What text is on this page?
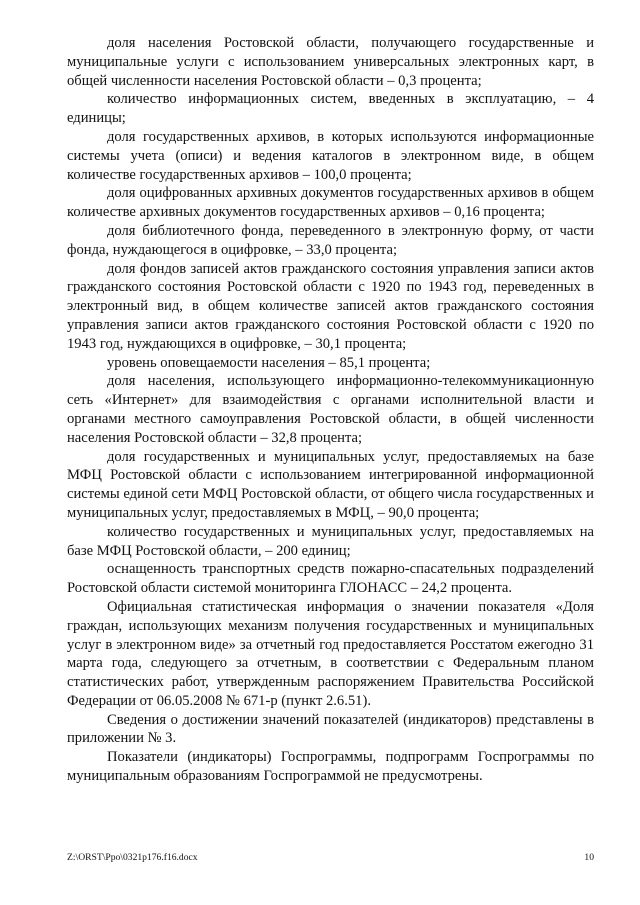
доля населения Ростовской области, получающего государственные и муниципальные услуги с использованием универсальных электронных карт, в общей численности населения Ростовской области – 0,3 процента;

количество информационных систем, введенных в эксплуатацию, – 4 единицы;

доля государственных архивов, в которых используются информационные системы учета (описи) и ведения каталогов в электронном виде, в общем количестве государственных архивов – 100,0 процента;

доля оцифрованных архивных документов государственных архивов в общем количестве архивных документов государственных архивов – 0,16 процента;

доля библиотечного фонда, переведенного в электронную форму, от части фонда, нуждающегося в оцифровке, – 33,0 процента;

доля фондов записей актов гражданского состояния управления записи актов гражданского состояния Ростовской области с 1920 по 1943 год, переведенных в электронный вид, в общем количестве записей актов гражданского состояния управления записи актов гражданского состояния Ростовской области с 1920 по 1943 год, нуждающихся в оцифровке, – 30,1 процента;

уровень оповещаемости населения – 85,1 процента;

доля населения, использующего информационно-телекоммуникационную сеть «Интернет» для взаимодействия с органами исполнительной власти и органами местного самоуправления Ростовской области, в общей численности населения Ростовской области – 32,8 процента;

доля государственных и муниципальных услуг, предоставляемых на базе МФЦ Ростовской области с использованием интегрированной информационной системы единой сети МФЦ Ростовской области, от общего числа государственных и муниципальных услуг, предоставляемых в МФЦ, – 90,0 процента;

количество государственных и муниципальных услуг, предоставляемых на базе МФЦ Ростовской области, – 200 единиц;

оснащенность транспортных средств пожарно-спасательных подразделений Ростовской области системой мониторинга ГЛОНАСС – 24,2 процента.

Официальная статистическая информация о значении показателя «Доля граждан, использующих механизм получения государственных и муниципальных услуг в электронном виде» за отчетный год предоставляется Росстатом ежегодно 31 марта года, следующего за отчетным, в соответствии с Федеральным планом статистических работ, утвержденным распоряжением Правительства Российской Федерации от 06.05.2008 № 671-р (пункт 2.6.51).

Сведения о достижении значений показателей (индикаторов) представлены в приложении № 3.

Показатели (индикаторы) Госпрограммы, подпрограмм Госпрограммы по муниципальным образованиям Госпрограммой не предусмотрены.

Z:\ORST\Ppo\0321p176.f16.docx	10
